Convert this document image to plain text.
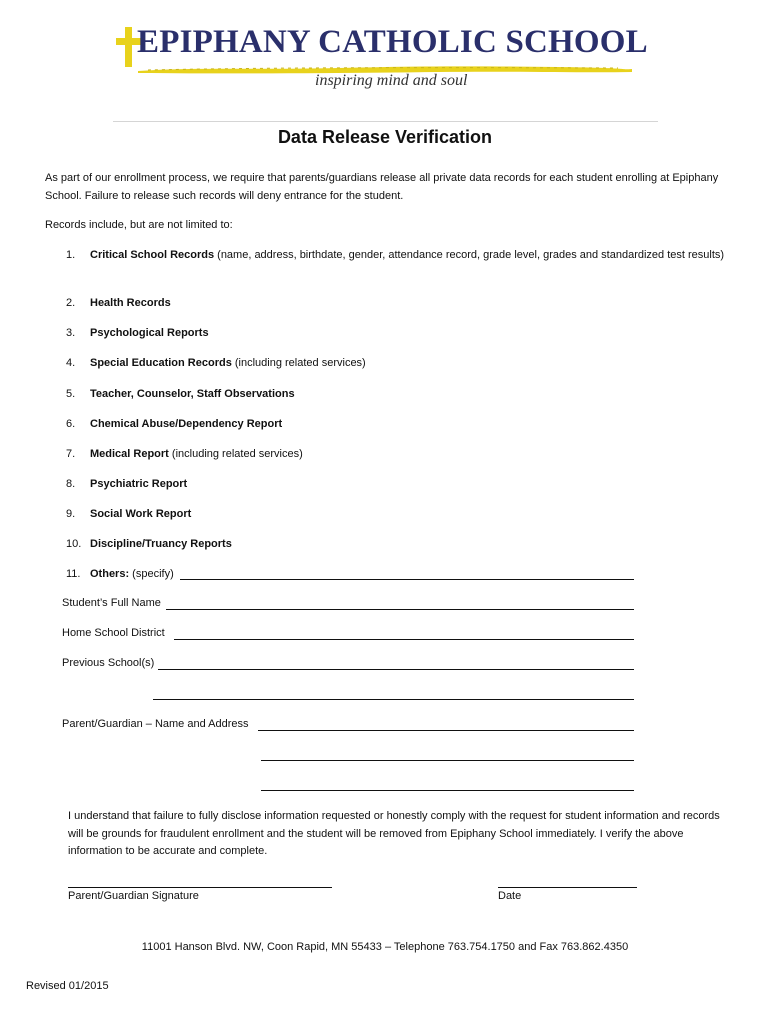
EPIPHANY CATHOLIC SCHOOL
inspiring mind and soul
Data Release Verification
As part of our enrollment process, we require that parents/guardians release all private data records for each student enrolling at Epiphany School. Failure to release such records will deny entrance for the student.
Records include, but are not limited to:
1. Critical School Records (name, address, birthdate, gender, attendance record, grade level, grades and standardized test results)
2. Health Records
3. Psychological Reports
4. Special Education Records (including related services)
5. Teacher, Counselor, Staff Observations
6. Chemical Abuse/Dependency Report
7. Medical Report (including related services)
8. Psychiatric Report
9. Social Work Report
10. Discipline/Truancy Reports
11. Others: (specify)
Student’s Full Name
Home School District
Previous School(s)
Parent/Guardian – Name and Address
I understand that failure to fully disclose information requested or honestly comply with the request for student information and records will be grounds for fraudulent enrollment and the student will be removed from Epiphany School immediately. I verify the above information to be accurate and complete.
Parent/Guardian Signature	Date
11001 Hanson Blvd. NW, Coon Rapid, MN 55433 – Telephone 763.754.1750 and Fax 763.862.4350
Revised 01/2015
